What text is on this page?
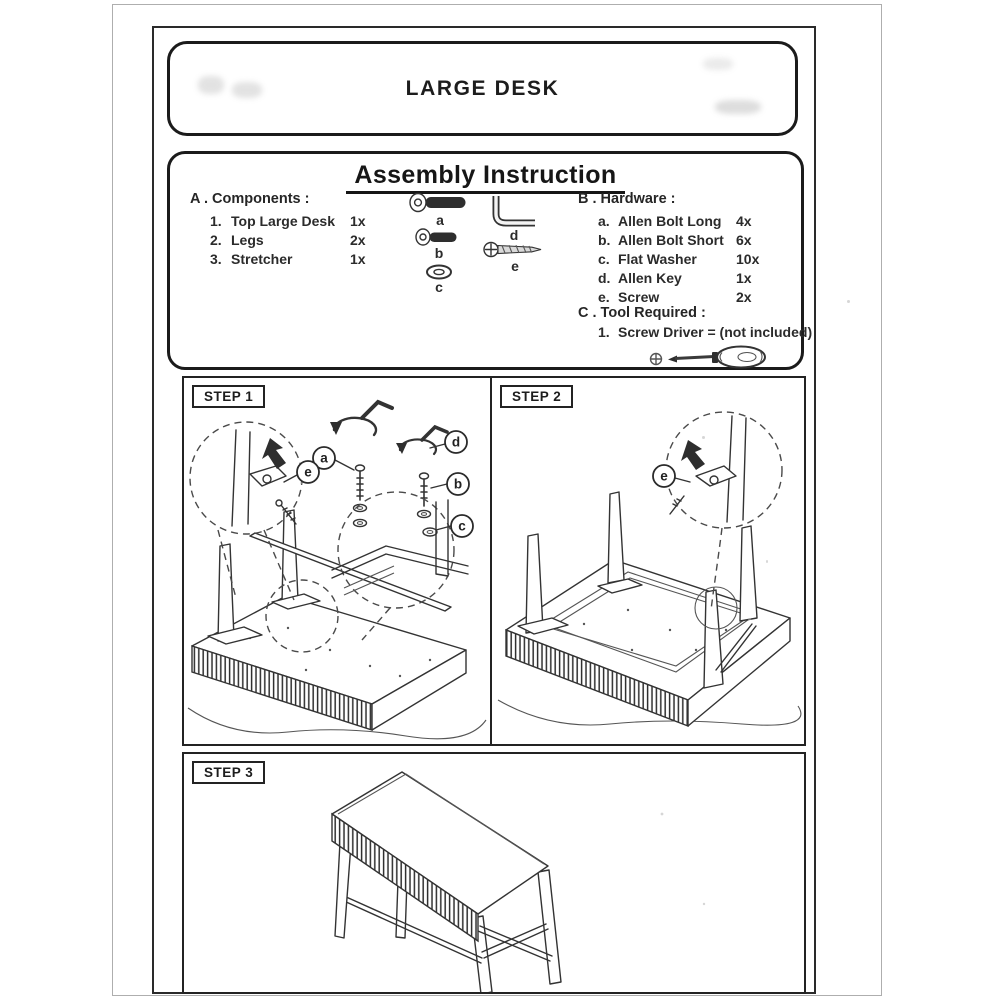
LARGE DESK
Assembly Instruction
A . Components :
1. Top Large Desk 1x
2. Legs	2x
3. Stretcher	1x
a
b
c
d
e
B . Hardware :
a. Allen Bolt Long 4x
b. Allen Bolt Short 6x
c. Flat Washer	10x
d. Allen Key	1x
e. Screw	2x
C . Tool Required :
1. Screw Driver = (not included)
STEP 1
a
d
b
c
e
STEP 2
e
STEP 3
